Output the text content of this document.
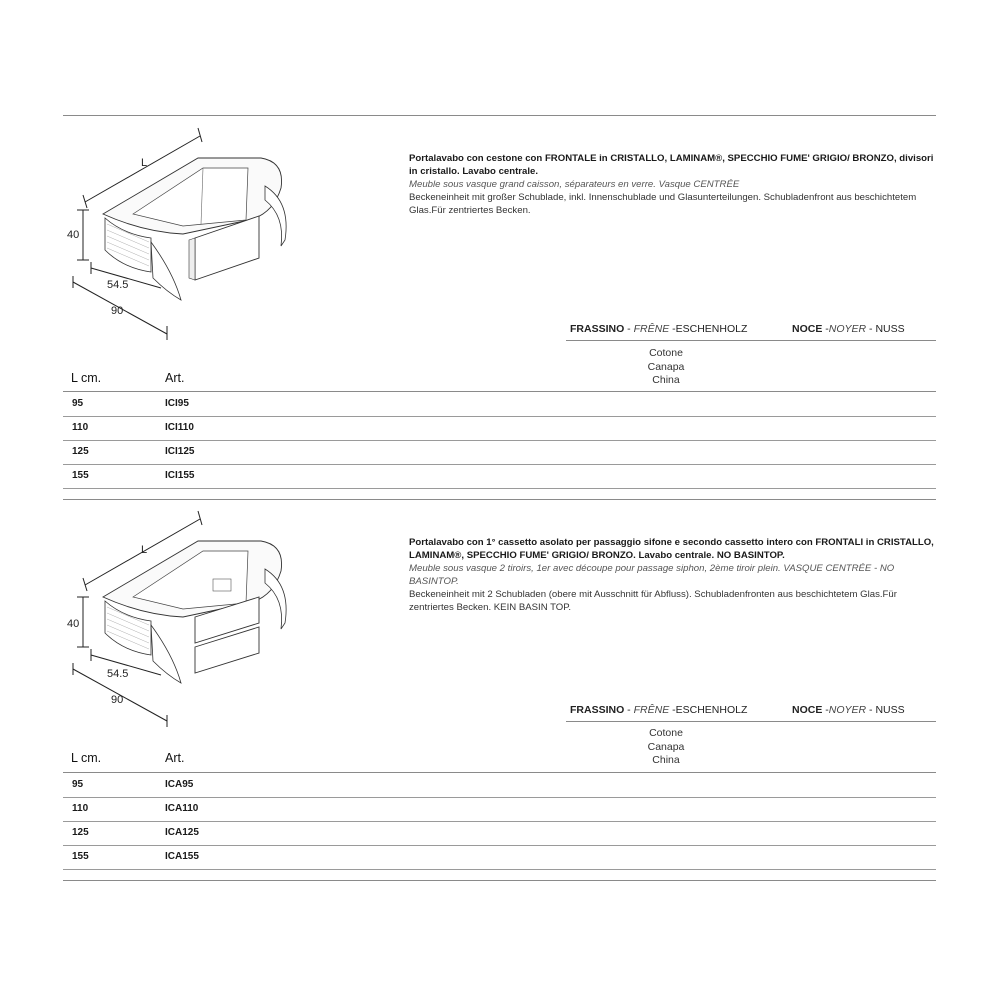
L
40
54.5
90

Portalavabo con cestone con FRONTALE in CRISTALLO, LAMINAM®, SPECCHIO FUME' GRIGIO/ BRONZO, divisori in cristallo. Lavabo centrale.

Meuble sous vasque grand caisson, séparateurs en verre. Vasque CENTRÉE

Beckeneinheit mit großer Schublade, inkl. Innenschublade und Glasunterteilungen. Schubladenfront aus beschichtetem Glas.Für zentriertes Becken.

FRASSINO - FRÊNE -ESCHENHOLZ	NOCE -NOYER - NUSS
Cotone
Canapa
China
L cm.	Art.
95	ICI95
110	ICI110
125	ICI125
155	ICI155
L
40
54.5
90

Portalavabo con 1° cassetto asolato per passaggio sifone e secondo cassetto intero con FRONTALI in CRISTALLO, LAMINAM®, SPECCHIO FUME' GRIGIO/ BRONZO. Lavabo centrale. NO BASINTOP.

Meuble sous vasque 2 tiroirs, 1er avec découpe pour passage siphon, 2ème tiroir plein. VASQUE CENTRÉE - NO BASINTOP.

Beckeneinheit mit 2 Schubladen (obere mit Ausschnitt für Abfluss). Schubladenfronten aus beschichtetem Glas.Für zentriertes Becken. KEIN BASIN TOP.

FRASSINO - FRÊNE -ESCHENHOLZ	NOCE -NOYER - NUSS
Cotone
Canapa
China
L cm.	Art.
95	ICA95
110	ICA110
125	ICA125
155	ICA155
